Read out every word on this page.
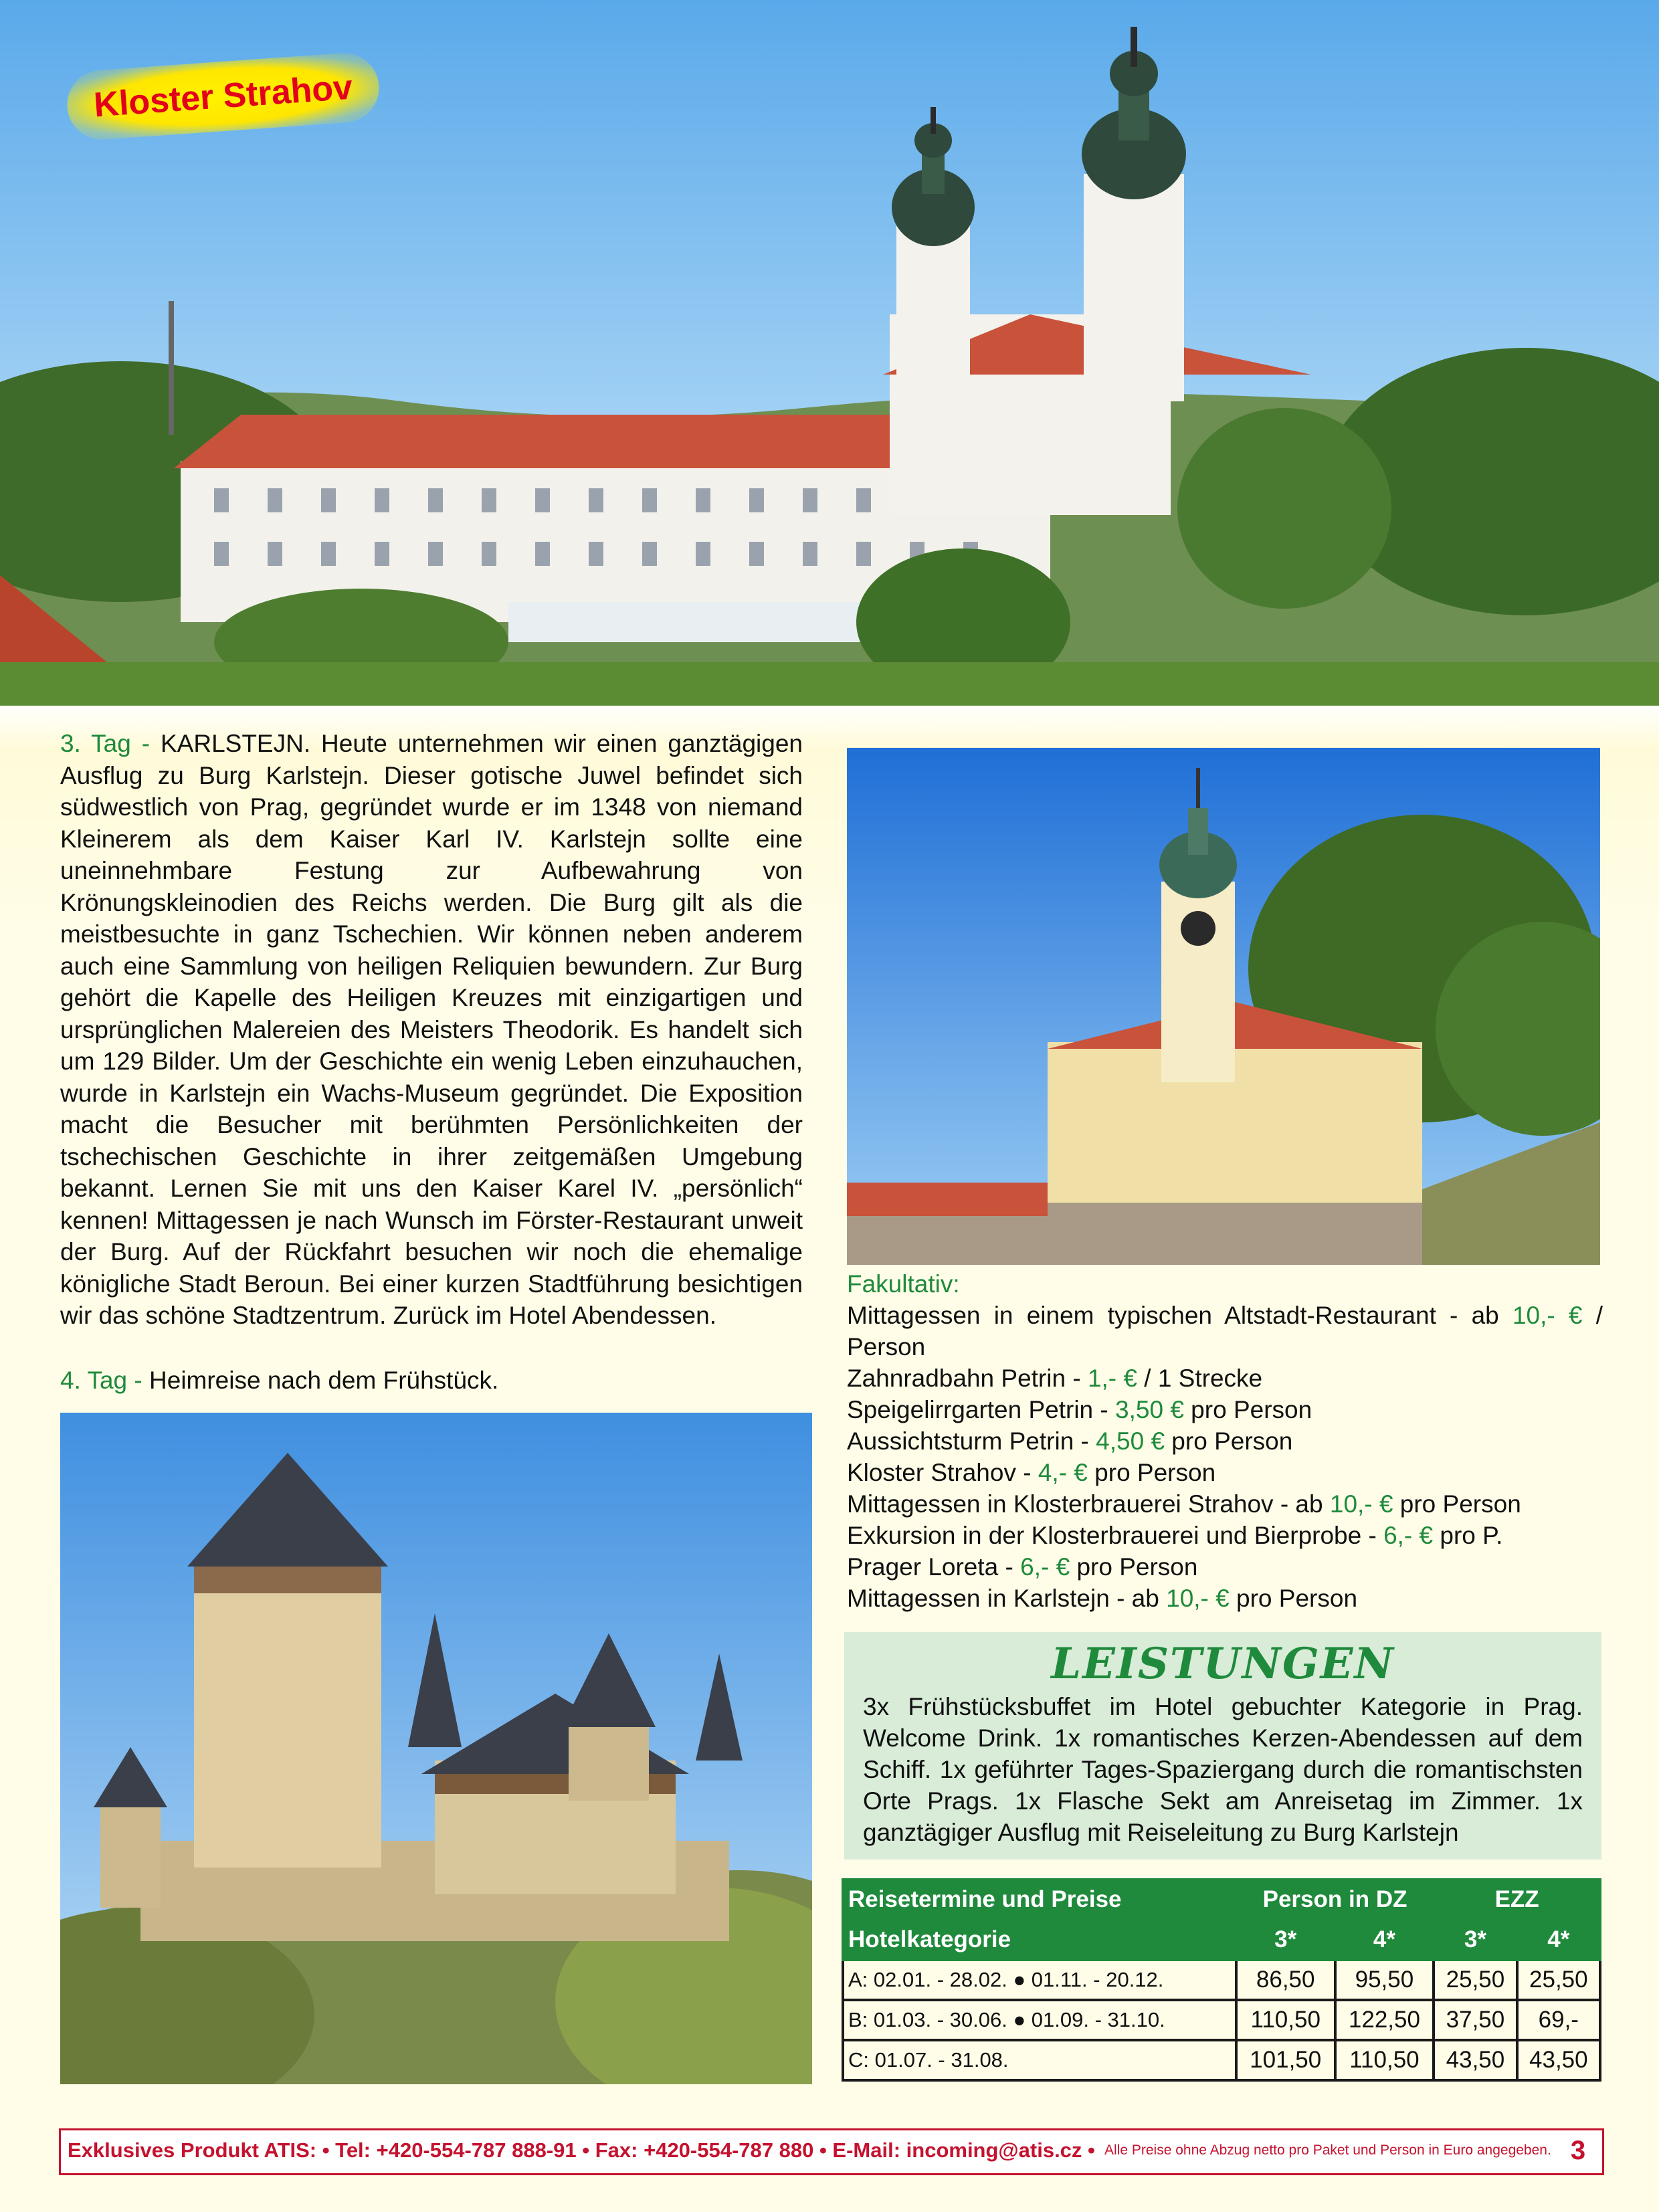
Kloster Strahov
3. Tag - KARLSTEJN. Heute unternehmen wir einen ganztägigen Ausflug zu Burg Karlstejn. Dieser gotische Juwel befindet sich südwestlich von Prag, gegründet wurde er im 1348 von niemand Kleinerem als dem Kaiser Karl IV. Karlstejn sollte eine uneinnehmbare Festung zur Aufbewahrung von Krönungskleinodien des Reichs werden. Die Burg gilt als die meistbesuchte in ganz Tschechien. Wir können neben anderem auch eine Sammlung von heiligen Reliquien bewundern. Zur Burg gehört die Kapelle des Heiligen Kreuzes mit einzigartigen und ursprünglichen Malereien des Meisters Theodorik. Es handelt sich um 129 Bilder. Um der Geschichte ein wenig Leben einzuhauchen, wurde in Karlstejn ein Wachs-Museum gegründet. Die Exposition macht die Besucher mit berühmten Persönlichkeiten der tschechischen Geschichte in ihrer zeitgemäßen Umgebung bekannt. Lernen Sie mit uns den Kaiser Karel IV. „persönlich“ kennen! Mittagessen je nach Wunsch im Förster-Restaurant unweit der Burg. Auf der Rückfahrt besuchen wir noch die ehemalige königliche Stadt Beroun. Bei einer kurzen Stadtführung besichtigen wir das schöne Stadtzentrum. Zurück im Hotel Abendessen.
4. Tag - Heimreise nach dem Frühstück.
Fakultativ:
Mittagessen in einem typischen Altstadt-Restaurant - ab 10,- € / Person
Zahnradbahn Petrin - 1,- € / 1 Strecke
Speigelirrgarten Petrin - 3,50 € pro Person
Aussichtsturm Petrin - 4,50 € pro Person
Kloster Strahov - 4,- € pro Person
Mittagessen in Klosterbrauerei Strahov - ab 10,- € pro Person
Exkursion in der Klosterbrauerei und Bierprobe - 6,- € pro P.
Prager Loreta - 6,- € pro Person
Mittagessen in Karlstejn - ab 10,- € pro Person
LEISTUNGEN
3x Frühstücksbuffet im Hotel gebuchter Kategorie in Prag. Welcome Drink. 1x romantisches Kerzen-Abendessen auf dem Schiff. 1x geführter Tages-Spaziergang durch die romantischsten Orte Prags. 1x Flasche Sekt am Anreisetag im Zimmer. 1x ganztägiger Ausflug mit Reiseleitung zu Burg Karlstejn
Reisetermine und Preise	Person in DZ		EZZ	
Hotelkategorie	3*	4*	3*	4*
A: 02.01. - 28.02. ● 01.11. - 20.12.	86,50	95,50	25,50	25,50
B: 01.03. - 30.06. ● 01.09. - 31.10.	110,50	122,50	37,50	69,-
C: 01.07. - 31.08.	101,50	110,50	43,50	43,50
Exklusives Produkt ATIS: • Tel: +420-554-787 888-91 • Fax: +420-554-787 880 • E-Mail: incoming@atis.cz • Alle Preise ohne Abzug netto pro Paket und Person in Euro angegeben. 3
